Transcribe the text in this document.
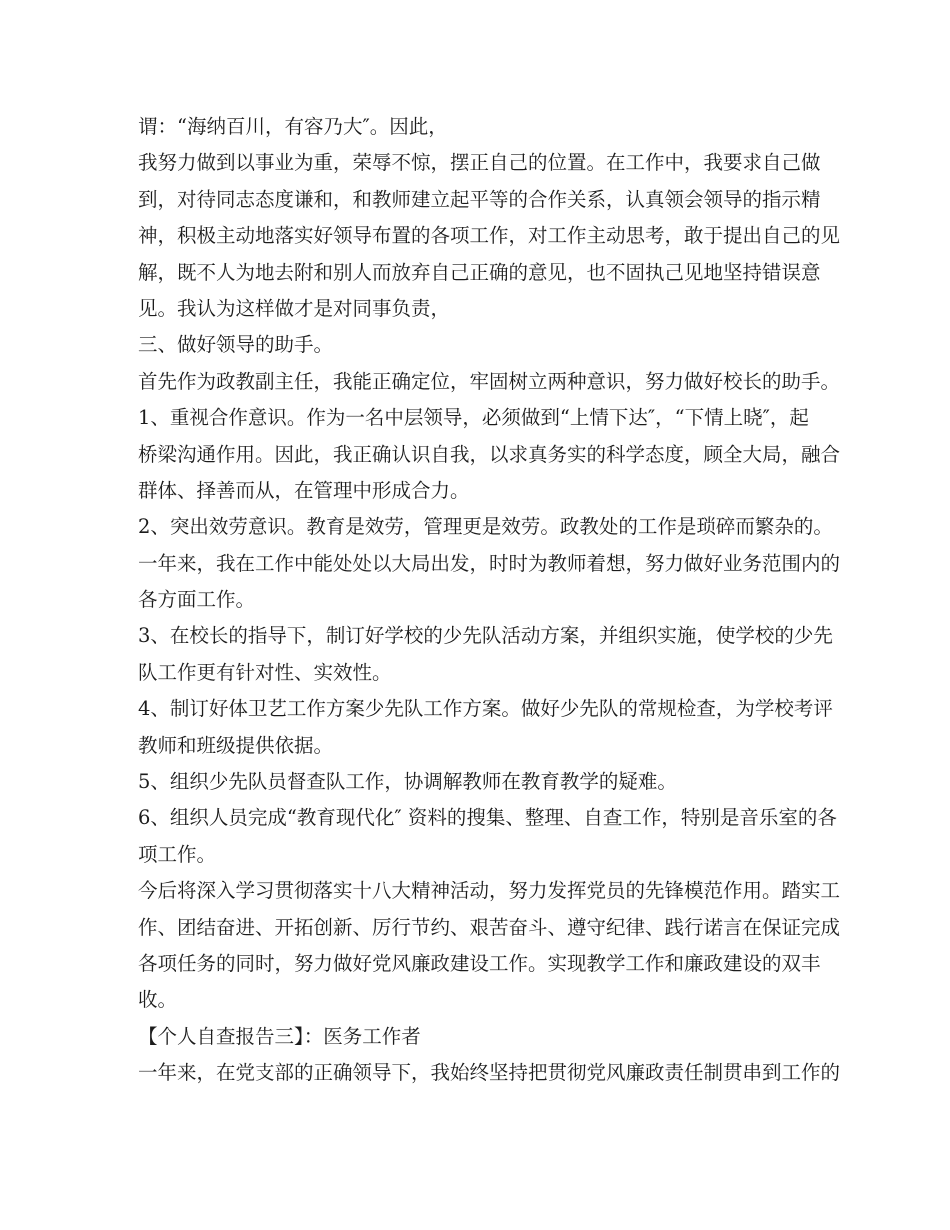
谓：“海纳百川，有容乃大″。因此，
我努力做到以事业为重，荣辱不惊，摆正自己的位置。在工作中，我要求自己做
到，对待同志态度谦和，和教师建立起平等的合作关系，认真领会领导的指示精
神，积极主动地落实好领导布置的各项工作，对工作主动思考，敢于提出自己的见
解，既不人为地去附和别人而放弃自己正确的意见，也不固执己见地坚持错误意
见。我认为这样做才是对同事负责，
三、做好领导的助手。
首先作为政教副主任，我能正确定位，牢固树立两种意识，努力做好校长的助手。
1、重视合作意识。作为一名中层领导，必须做到“上情下达″，“下情上晓″，起
桥梁沟通作用。因此，我正确认识自我，以求真务实的科学态度，顾全大局，融合
群体、择善而从，在管理中形成合力。
2、突出效劳意识。教育是效劳，管理更是效劳。政教处的工作是琐碎而繁杂的。
一年来，我在工作中能处处以大局出发，时时为教师着想，努力做好业务范围内的
各方面工作。
3、在校长的指导下，制订好学校的少先队活动方案，并组织实施，使学校的少先
队工作更有针对性、实效性。
4、制订好体卫艺工作方案少先队工作方案。做好少先队的常规检查，为学校考评
教师和班级提供依据。
5、组织少先队员督查队工作，协调解教师在教育教学的疑难。
6、组织人员完成“教育现代化″ 资料的搜集、整理、自查工作，特别是音乐室的各
项工作。
今后将深入学习贯彻落实十八大精神活动，努力发挥党员的先锋模范作用。踏实工
作、团结奋进、开拓创新、厉行节约、艰苦奋斗、遵守纪律、践行诺言在保证完成
各项任务的同时，努力做好党风廉政建设工作。实现教学工作和廉政建设的双丰
收。
【个人自查报告三】：医务工作者
一年来，在党支部的正确领导下，我始终坚持把贯彻党风廉政责任制贯串到工作的
